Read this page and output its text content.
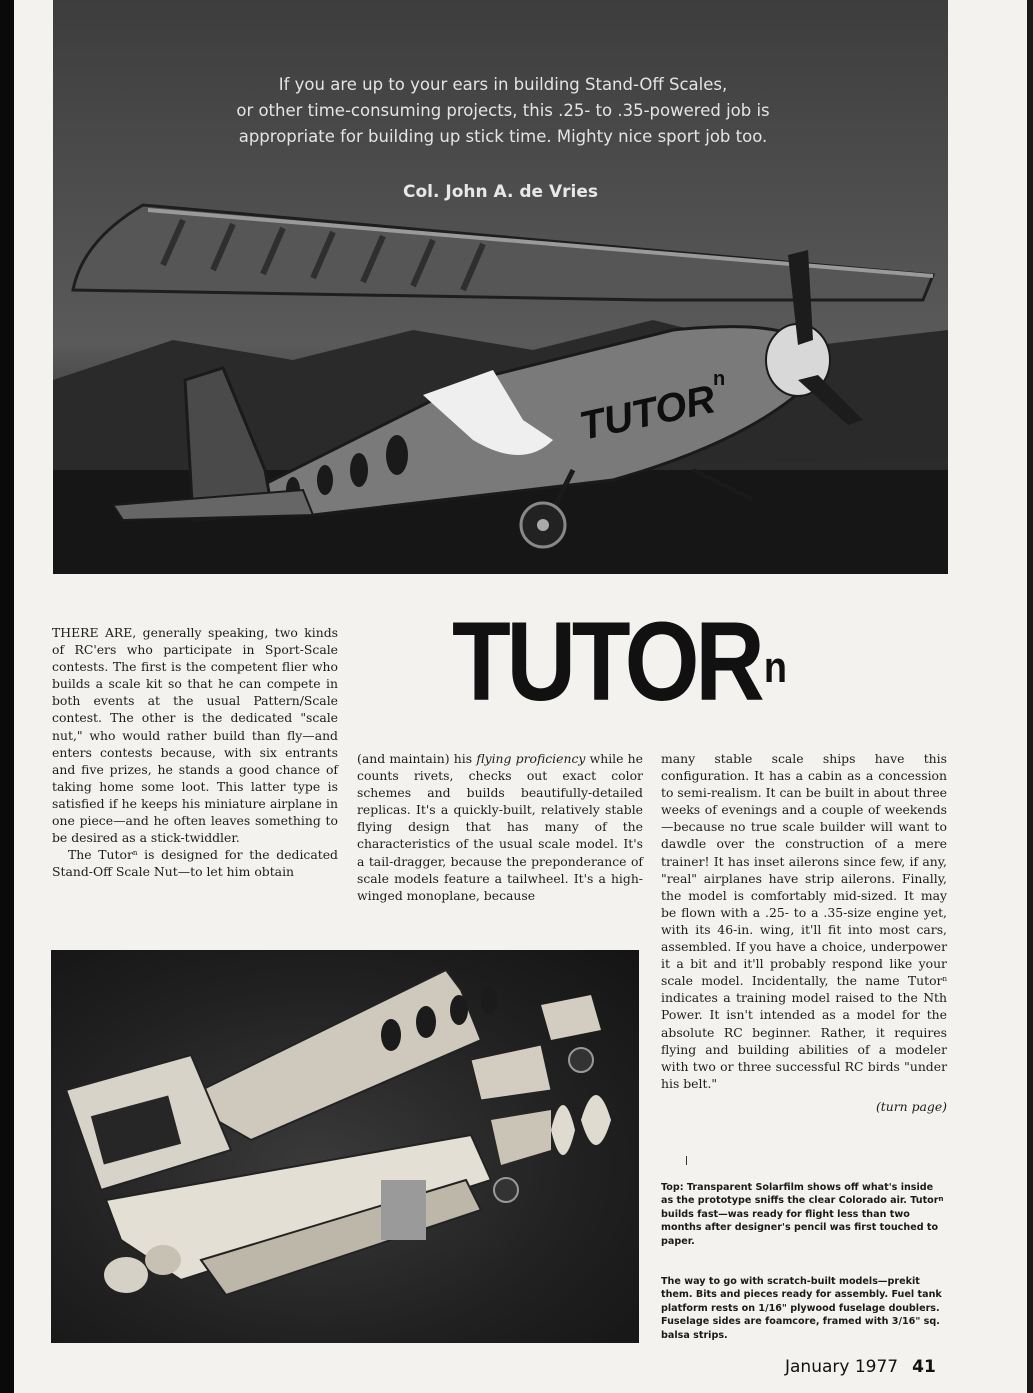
TUTOR
n
If you are up to your ears in building Stand-Off Scales,
or other time-consuming projects, this .25- to .35-powered job is
appropriate for building up stick time. Mighty nice sport job too.
Col. John A. de Vries
TUTOR$^n$

THERE ARE, generally speaking, two kinds of RC'ers who participate in Sport-Scale contests. The first is the competent flier who builds a scale kit so that he can compete in both events at the usual Pattern/Scale contest. The other is the dedicated "scale nut," who would rather build than fly—and enters contests because, with six entrants and five prizes, he stands a good chance of taking home some loot. This latter type is satisfied if he keeps his miniature airplane in one piece—and he often leaves something to be desired as a stick-twiddler.

The Tutor$^n$ is designed for the dedicated Stand-Off Scale Nut—to let him obtain

(and maintain) his flying proficiency while he counts rivets, checks out exact color schemes and builds beautifully-detailed replicas. It's a quickly-built, relatively stable flying design that has many of the characteristics of the usual scale model. It's a tail-dragger, because the preponderance of scale models feature a tailwheel. It's a high-winged monoplane, because

many stable scale ships have this configuration. It has a cabin as a concession to semi-realism. It can be built in about three weeks of evenings and a couple of weekends—because no true scale builder will want to dawdle over the construction of a mere trainer! It has inset ailerons since few, if any, "real" airplanes have strip ailerons. Finally, the model is comfortably mid-sized. It may be flown with a .25- to a .35-size engine yet, with its 46-in. wing, it'll fit into most cars, assembled. If you have a choice, underpower it a bit and it'll probably respond like your scale model. Incidentally, the name Tutor$^n$ indicates a training model raised to the Nth Power. It isn't intended as a model for the absolute RC beginner. Rather, it requires flying and building abilities of a modeler with two or three successful RC birds "under his belt."

(turn page)
Top: Transparent Solarfilm shows off what's inside as the prototype sniffs the clear Colorado air. Tutor$^n$ builds fast—was ready for flight less than two months after designer's pencil was first touched to paper.
The way to go with scratch-built models—prekit them. Bits and pieces ready for assembly. Fuel tank platform rests on 1/16" plywood fuselage doublers. Fuselage sides are foamcore, framed with 3/16" sq. balsa strips.
January 1977 41
